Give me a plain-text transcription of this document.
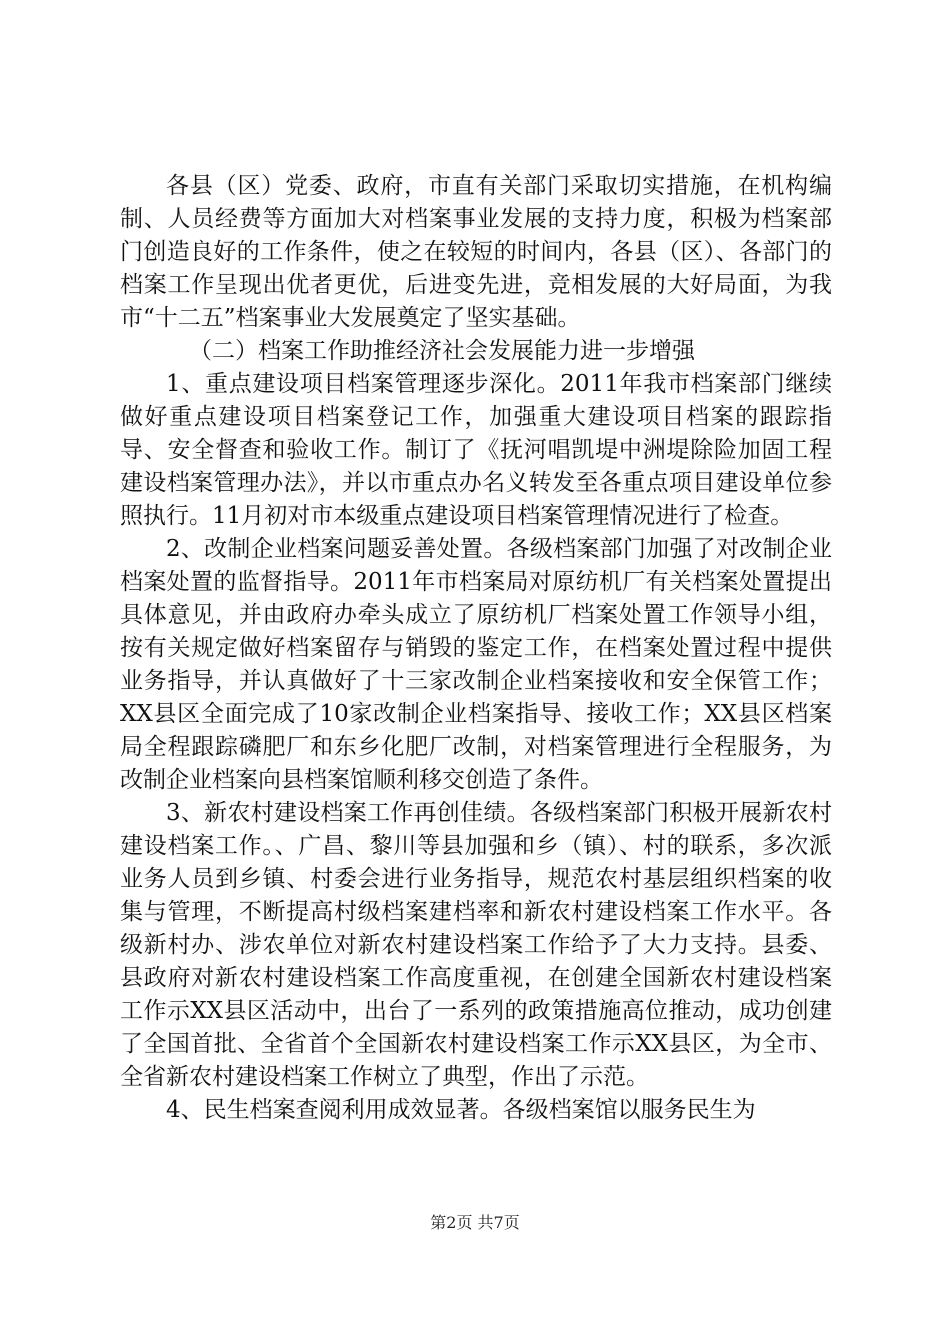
各县（区）党委、政府，市直有关部门采取切实措施，在机构编制、人员经费等方面加大对档案事业发展的支持力度，积极为档案部门创造良好的工作条件，使之在较短的时间内，各县（区）、各部门的档案工作呈现出优者更优，后进变先进，竞相发展的大好局面，为我市“十二五”档案事业大发展奠定了坚实基础。

（二）档案工作助推经济社会发展能力进一步增强

1、重点建设项目档案管理逐步深化。2011年我市档案部门继续做好重点建设项目档案登记工作，加强重大建设项目档案的跟踪指导、安全督查和验收工作。制订了《抚河唱凯堤中洲堤除险加固工程建设档案管理办法》，并以市重点办名义转发至各重点项目建设单位参照执行。11月初对市本级重点建设项目档案管理情况进行了检查。

2、改制企业档案问题妥善处置。各级档案部门加强了对改制企业档案处置的监督指导。2011年市档案局对原纺机厂有关档案处置提出具体意见，并由政府办牵头成立了原纺机厂档案处置工作领导小组，按有关规定做好档案留存与销毁的鉴定工作，在档案处置过程中提供业务指导，并认真做好了十三家改制企业档案接收和安全保管工作；XX县区全面完成了10家改制企业档案指导、接收工作；XX县区档案局全程跟踪磷肥厂和东乡化肥厂改制，对档案管理进行全程服务，为改制企业档案向县档案馆顺利移交创造了条件。

3、新农村建设档案工作再创佳绩。各级档案部门积极开展新农村建设档案工作。、广昌、黎川等县加强和乡（镇）、村的联系，多次派业务人员到乡镇、村委会进行业务指导，规范农村基层组织档案的收集与管理，不断提高村级档案建档率和新农村建设档案工作水平。各级新村办、涉农单位对新农村建设档案工作给予了大力支持。县委、县政府对新农村建设档案工作高度重视，在创建全国新农村建设档案工作示XX县区活动中，出台了一系列的政策措施高位推动，成功创建了全国首批、全省首个全国新农村建设档案工作示XX县区，为全市、全省新农村建设档案工作树立了典型，作出了示范。

4、民生档案查阅利用成效显著。各级档案馆以服务民生为

第2页 共7页
